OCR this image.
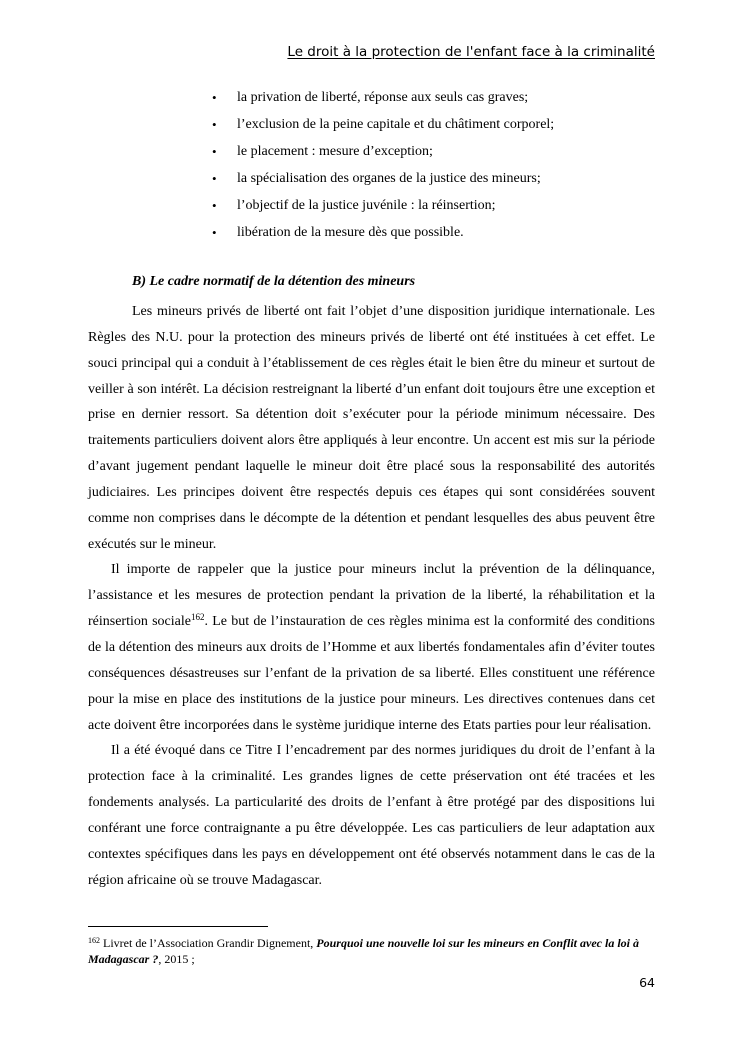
Le droit à la protection de l'enfant face à la criminalité
• la privation de liberté, réponse aux seuls cas graves;
• l’exclusion de la peine capitale et du châtiment corporel;
• le placement : mesure d’exception;
• la spécialisation des organes de la justice des mineurs;
• l’objectif de la justice juvénile : la réinsertion;
• libération de la mesure dès que possible.
B) Le cadre normatif de la détention des mineurs

Les mineurs privés de liberté ont fait l’objet d’une disposition juridique internationale. Les Règles des N.U. pour la protection des mineurs privés de liberté ont été instituées à cet effet. Le souci principal qui a conduit à l’établissement de ces règles était le bien être du mineur et surtout de veiller à son intérêt. La décision restreignant la liberté d’un enfant doit toujours être une exception et prise en dernier ressort. Sa détention doit s’exécuter pour la période minimum nécessaire. Des traitements particuliers doivent alors être appliqués à leur encontre. Un accent est mis sur la période d’avant jugement pendant laquelle le mineur doit être placé sous la responsabilité des autorités judiciaires. Les principes doivent être respectés depuis ces étapes qui sont considérées souvent comme non comprises dans le décompte de la détention et pendant lesquelles des abus peuvent être exécutés sur le mineur.

Il importe de rappeler que la justice pour mineurs inclut la prévention de la délinquance, l’assistance et les mesures de protection pendant la privation de la liberté, la réhabilitation et la réinsertion sociale$^{162}$. Le but de l’instauration de ces règles minima est la conformité des conditions de la détention des mineurs aux droits de l’Homme et aux libertés fondamentales afin d’éviter toutes conséquences désastreuses sur l’enfant de la privation de sa liberté. Elles constituent une référence pour la mise en place des institutions de la justice pour mineurs. Les directives contenues dans cet acte doivent être incorporées dans le système juridique interne des Etats parties pour leur réalisation.

Il a été évoqué dans ce Titre I l’encadrement par des normes juridiques du droit de l’enfant à la protection face à la criminalité. Les grandes lignes de cette préservation ont été tracées et les fondements analysés. La particularité des droits de l’enfant à être protégé par des dispositions lui conférant une force contraignante a pu être développée. Les cas particuliers de leur adaptation aux contextes spécifiques dans les pays en développement ont été observés notamment dans le cas de la région africaine où se trouve Madagascar.

$^{162}$ Livret de l’Association Grandir Dignement, Pourquoi une nouvelle loi sur les mineurs en Conflit avec la loi à Madagascar ?, 2015 ;
64
